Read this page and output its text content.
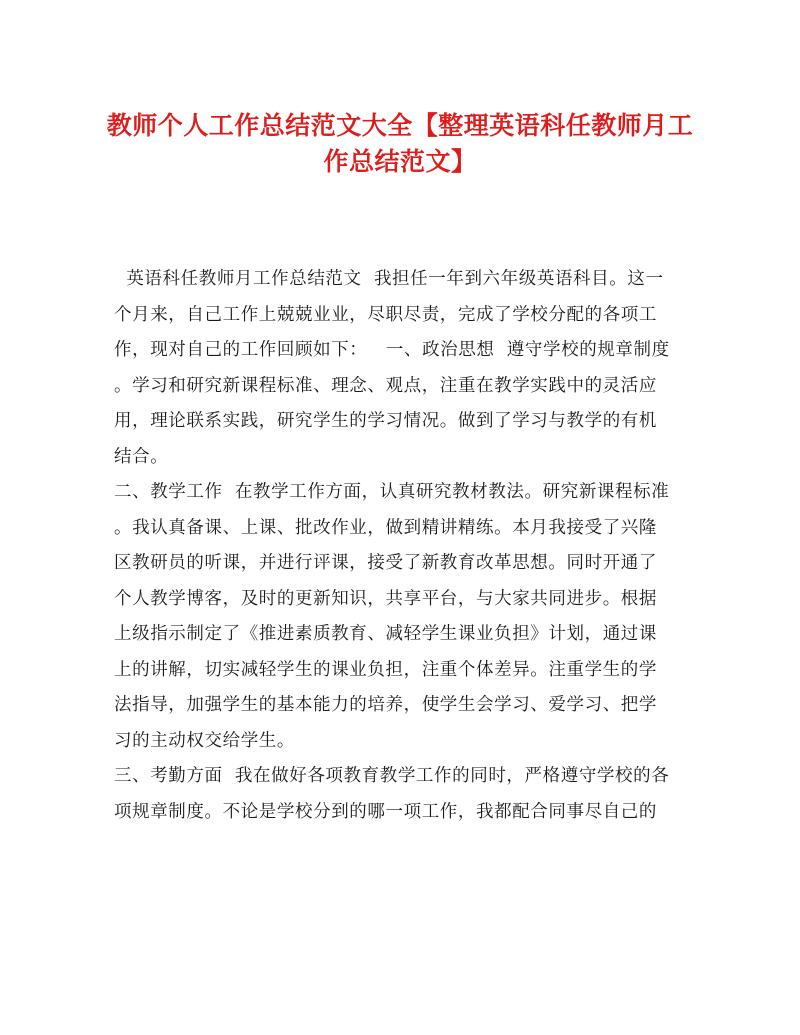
教师个人工作总结范文大全【整理英语科任教师月工
作总结范文】
英语科任教师月工作总结范文  我担任一年到六年级英语科目。这一
个月来，自己工作上兢兢业业，尽职尽责，完成了学校分配的各项工
作，现对自己的工作回顾如下：   一、政治思想  遵守学校的规章制度
。学习和研究新课程标准、理念、观点，注重在教学实践中的灵活应
用，理论联系实践，研究学生的学习情况。做到了学习与教学的有机
结合。
二、教学工作  在教学工作方面，认真研究教材教法。研究新课程标准
。我认真备课、上课、批改作业，做到精讲精练。本月我接受了兴隆
区教研员的听课，并进行评课，接受了新教育改革思想。同时开通了
个人教学博客，及时的更新知识，共享平台，与大家共同进步。根据
上级指示制定了《推进素质教育、减轻学生课业负担》计划，通过课
上的讲解，切实减轻学生的课业负担，注重个体差异。注重学生的学
法指导，加强学生的基本能力的培养，使学生会学习、爱学习、把学
习的主动权交给学生。
三、考勤方面  我在做好各项教育教学工作的同时，严格遵守学校的各
项规章制度。不论是学校分到的哪一项工作，我都配合同事尽自己的
